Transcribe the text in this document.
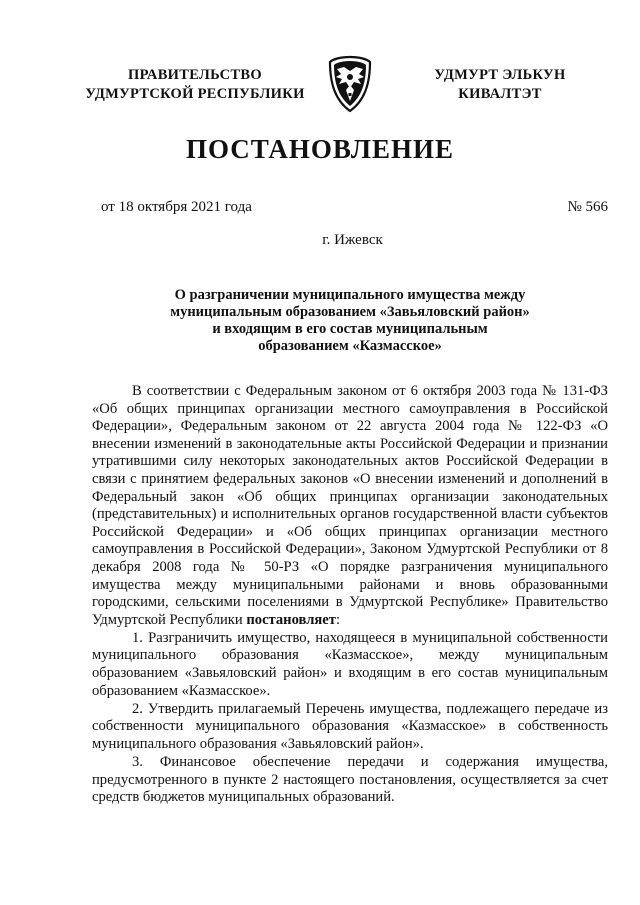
ПРАВИТЕЛЬСТВО
УДМУРТСКОЙ РЕСПУБЛИКИ
УДМУРТ ЭЛЬКУН
КИВАЛТЭТ
ПОСТАНОВЛЕНИЕ
от 18 октября 2021 года	№ 566
г. Ижевск
О разграничении муниципального имущества между
муниципальным образованием «Завьяловский район»
и входящим в его состав муниципальным
образованием «Казмасское»

В соответствии с Федеральным законом от 6 октября 2003 года № 131-ФЗ «Об общих принципах организации местного самоуправления в Российской Федерации», Федеральным законом от 22 августа 2004 года № 122-ФЗ «О внесении изменений в законодательные акты Российской Федерации и признании утратившими силу некоторых законодательных актов Российской Федерации в связи с принятием федеральных законов «О внесении изменений и дополнений в Федеральный закон «Об общих принципах организации законодательных (представительных) и исполнительных органов государственной власти субъектов Российской Федерации» и «Об общих принципах организации местного самоуправления в Российской Федерации», Законом Удмуртской Республики от 8 декабря 2008 года № 50-РЗ «О порядке разграничения муниципального имущества между муниципальными районами и вновь образованными городскими, сельскими поселениями в Удмуртской Республике» Правительство Удмуртской Республики постановляет:

1. Разграничить имущество, находящееся в муниципальной собственности муниципального образования «Казмасское», между муниципальным образованием «Завьяловский район» и входящим в его состав муниципальным образованием «Казмасское».

2. Утвердить прилагаемый Перечень имущества, подлежащего передаче из собственности муниципального образования «Казмасское» в собственность муниципального образования «Завьяловский район».

3. Финансовое обеспечение передачи и содержания имущества, предусмотренного в пункте 2 настоящего постановления, осуществляется за счет средств бюджетов муниципальных образований.
